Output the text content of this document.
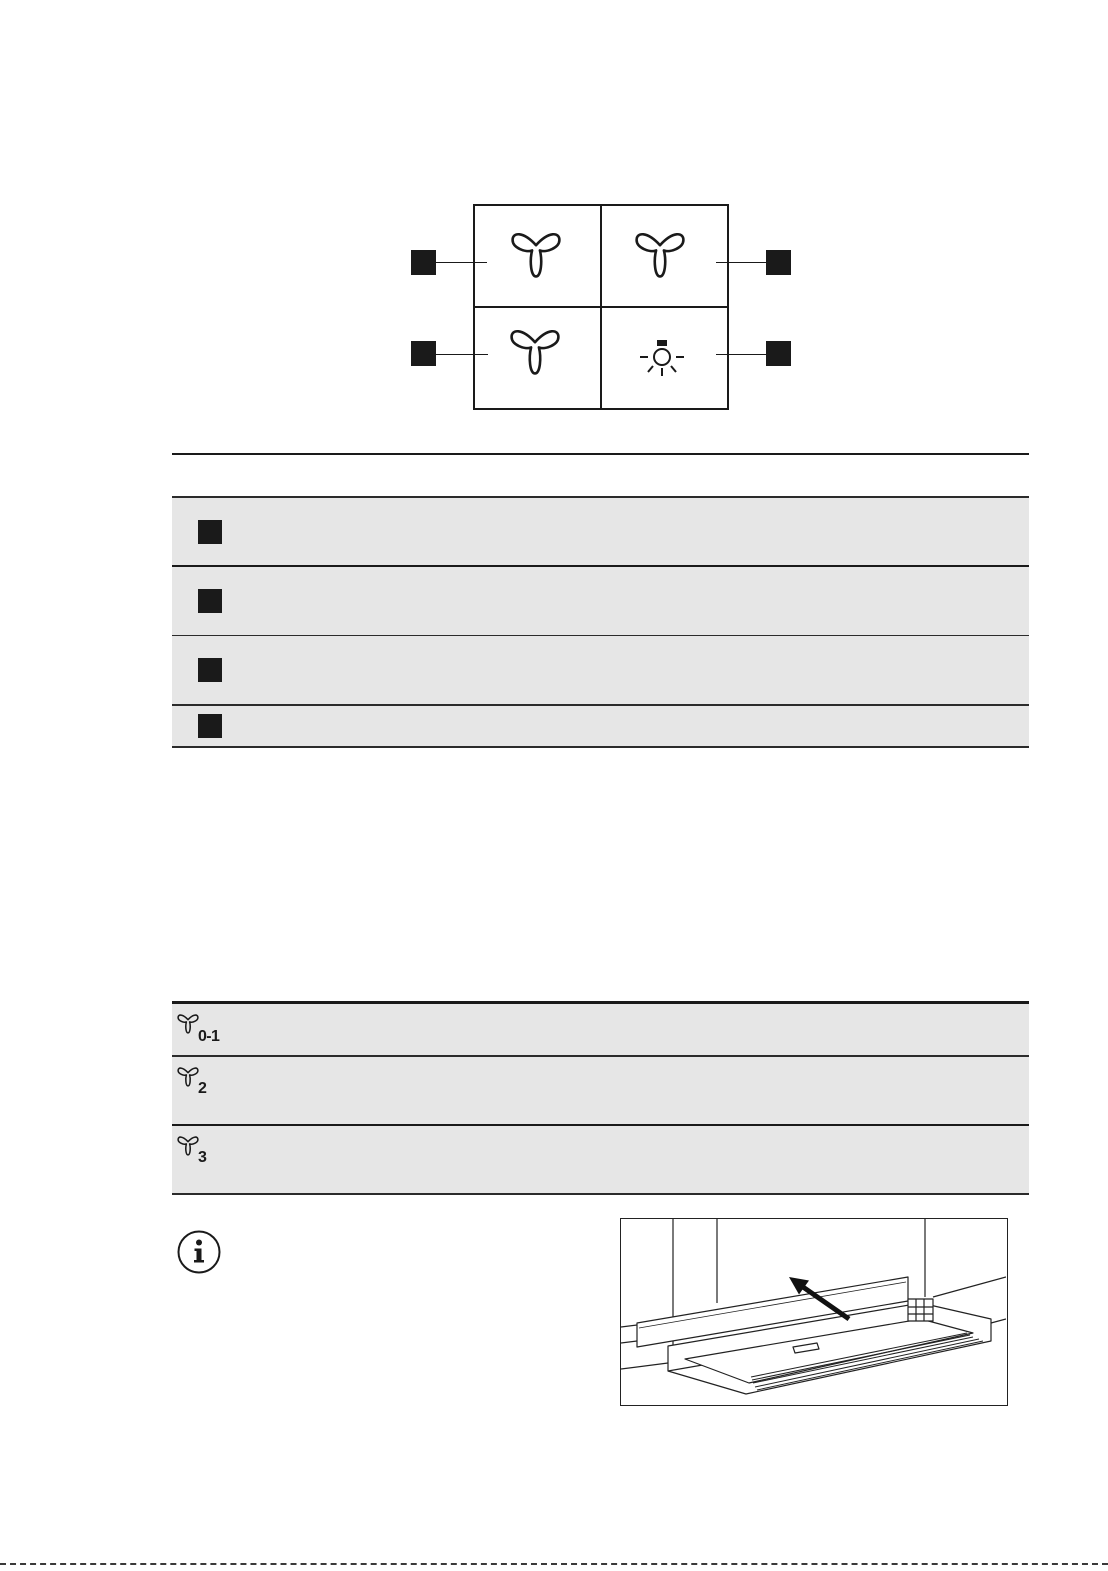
0-1
2
3
